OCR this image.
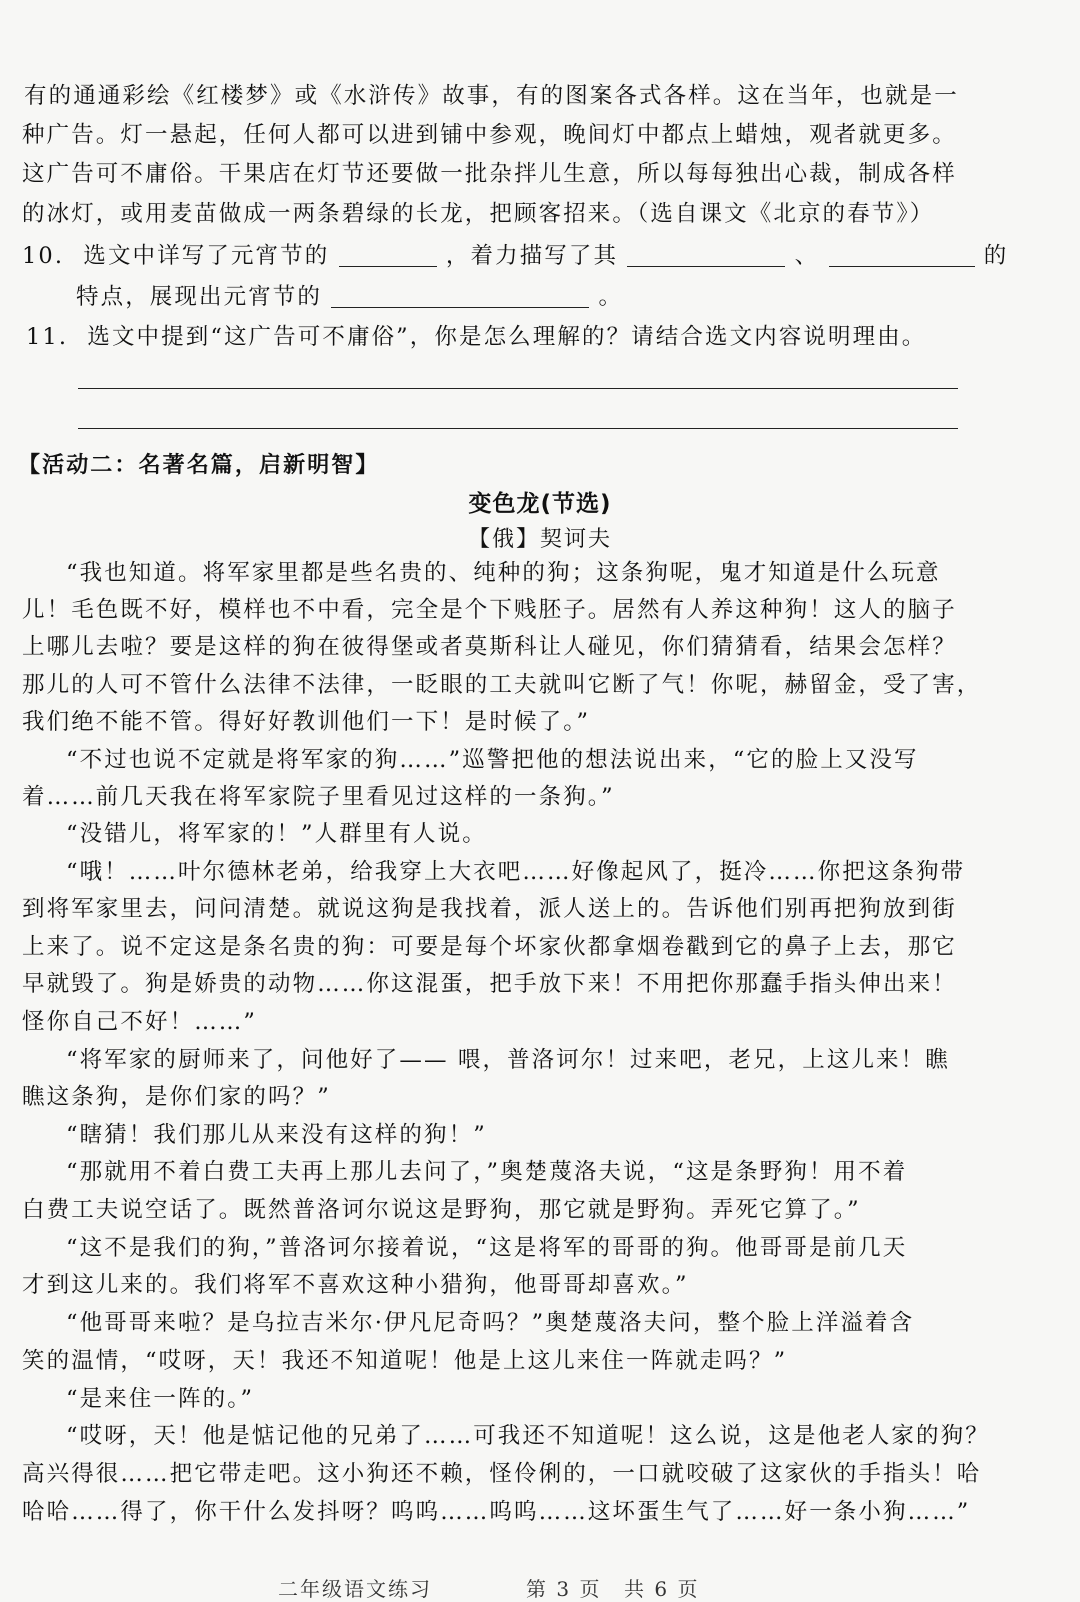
有的通通彩绘《红楼梦》或《水浒传》故事，有的图案各式各样。这在当年，也就是一
种广告。灯一悬起，任何人都可以进到铺中参观，晚间灯中都点上蜡烛，观者就更多。
这广告可不庸俗。干果店在灯节还要做一批杂拌儿生意，所以每每独出心裁，制成各样
的冰灯，或用麦苗做成一两条碧绿的长龙，把顾客招来。（选自课文《北京的春节》）
10. 选文中详写了元宵节的	，着力描写了其	、	的
特点，展现出元宵节的	。
11. 选文中提到“这广告可不庸俗”，你是怎么理解的？请结合选文内容说明理由。
【活动二：名著名篇，启新明智】
变色龙(节选)
【俄】契诃夫
“我也知道。将军家里都是些名贵的、纯种的狗；这条狗呢，鬼才知道是什么玩意
儿！毛色既不好，模样也不中看，完全是个下贱胚子。居然有人养这种狗！这人的脑子
上哪儿去啦？要是这样的狗在彼得堡或者莫斯科让人碰见，你们猜猜看，结果会怎样？
那儿的人可不管什么法律不法律，一眨眼的工夫就叫它断了气！你呢，赫留金，受了害，
我们绝不能不管。得好好教训他们一下！是时候了。”
“不过也说不定就是将军家的狗……”巡警把他的想法说出来，“它的脸上又没写
着……前几天我在将军家院子里看见过这样的一条狗。”
“没错儿，将军家的！”人群里有人说。
“哦！……叶尔德林老弟，给我穿上大衣吧……好像起风了，挺冷……你把这条狗带
到将军家里去，问问清楚。就说这狗是我找着，派人送上的。告诉他们别再把狗放到街
上来了。说不定这是条名贵的狗：可要是每个坏家伙都拿烟卷戳到它的鼻子上去，那它
早就毁了。狗是娇贵的动物……你这混蛋，把手放下来！不用把你那蠢手指头伸出来！
怪你自己不好！……”
“将军家的厨师来了，问他好了—— 喂，普洛诃尔！过来吧，老兄，上这儿来！瞧
瞧这条狗，是你们家的吗？”
“瞎猜！我们那儿从来没有这样的狗！”
“那就用不着白费工夫再上那儿去问了，”奥楚蔑洛夫说，“这是条野狗！用不着
白费工夫说空话了。既然普洛诃尔说这是野狗，那它就是野狗。弄死它算了。”
“这不是我们的狗，”普洛诃尔接着说，“这是将军的哥哥的狗。他哥哥是前几天
才到这儿来的。我们将军不喜欢这种小猎狗，他哥哥却喜欢。”
“他哥哥来啦？是乌拉吉米尔·伊凡尼奇吗？”奥楚蔑洛夫问，整个脸上洋溢着含
笑的温情，“哎呀，天！我还不知道呢！他是上这儿来住一阵就走吗？”
“是来住一阵的。”
“哎呀，天！他是惦记他的兄弟了……可我还不知道呢！这么说，这是他老人家的狗？
高兴得很……把它带走吧。这小狗还不赖，怪伶俐的，一口就咬破了这家伙的手指头！哈
哈哈……得了，你干什么发抖呀？呜呜……呜呜……这坏蛋生气了……好一条小狗……”
二年级语文练习	第 3 页 共 6 页
